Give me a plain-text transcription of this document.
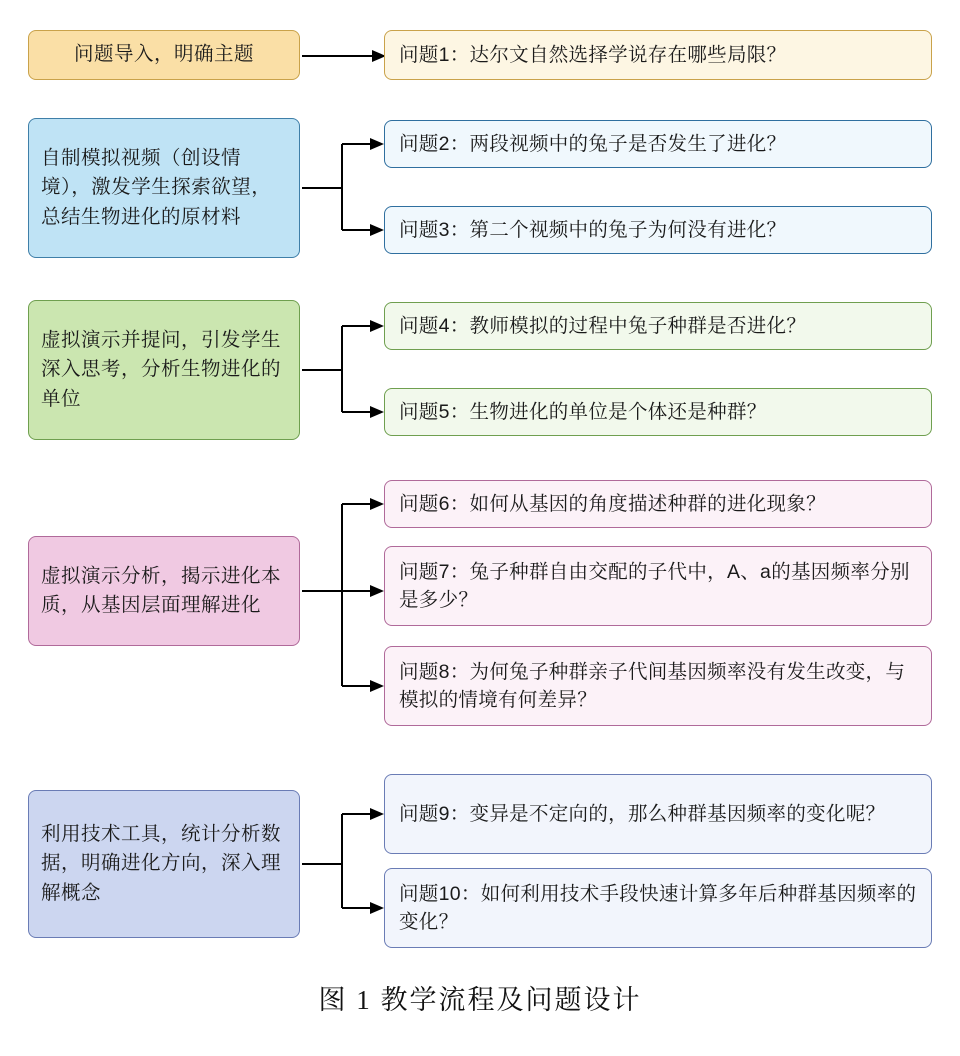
问题导入，明确主题	问题1：达尔文自然选择学说存在哪些局限？
自制模拟视频（创设情境），激发学生探索欲望，总结生物进化的原材料
问题2：两段视频中的兔子是否发生了进化？
问题3：第二个视频中的兔子为何没有进化？
虚拟演示并提问，引发学生深入思考，分析生物进化的单位
问题4：教师模拟的过程中兔子种群是否进化？
问题5：生物进化的单位是个体还是种群？
虚拟演示分析，揭示进化本质，从基因层面理解进化
问题6：如何从基因的角度描述种群的进化现象？
问题7：兔子种群自由交配的子代中，A、a的基因频率分别是多少？
问题8：为何兔子种群亲子代间基因频率没有发生改变，与模拟的情境有何差异？
利用技术工具，统计分析数据，明确进化方向，深入理解概念
问题9：变异是不定向的，那么种群基因频率的变化呢？
问题10：如何利用技术手段快速计算多年后种群基因频率的变化？
图 1 教学流程及问题设计
